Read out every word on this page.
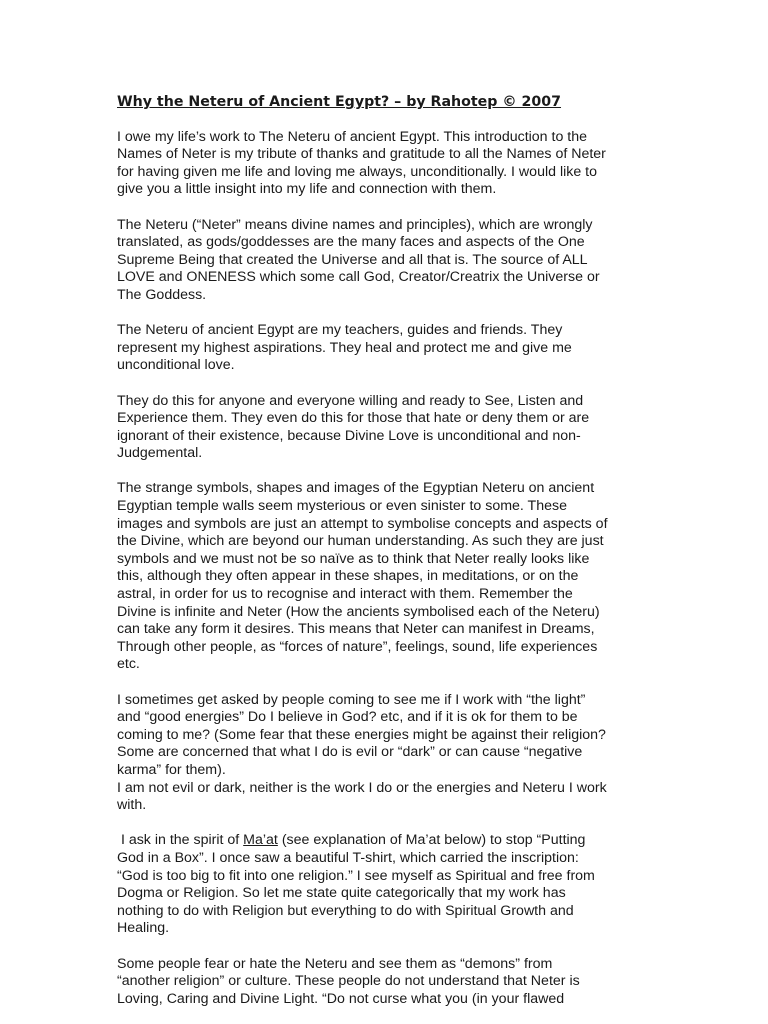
Why the Neteru of Ancient Egypt? – by Rahotep © 2007
I owe my life’s work to The Neteru of ancient Egypt. This introduction to the
Names of Neter is my tribute of thanks and gratitude to all the Names of Neter
for having given me life and loving me always, unconditionally. I would like to
give you a little insight into my life and connection with them.
The Neteru (“Neter” means divine names and principles), which are wrongly
translated, as gods/goddesses are the many faces and aspects of the One
Supreme Being that created the Universe and all that is. The source of ALL
LOVE and ONENESS which some call God, Creator/Creatrix the Universe or
The Goddess.
The Neteru of ancient Egypt are my teachers, guides and friends. They
represent my highest aspirations. They heal and protect me and give me
unconditional love.
They do this for anyone and everyone willing and ready to See, Listen and
Experience them. They even do this for those that hate or deny them or are
ignorant of their existence, because Divine Love is unconditional and non-
Judgemental.
The strange symbols, shapes and images of the Egyptian Neteru on ancient
Egyptian temple walls seem mysterious or even sinister to some. These
images and symbols are just an attempt to symbolise concepts and aspects of
the Divine, which are beyond our human understanding. As such they are just
symbols and we must not be so naïve as to think that Neter really looks like
this, although they often appear in these shapes, in meditations, or on the
astral, in order for us to recognise and interact with them. Remember the
Divine is infinite and Neter (How the ancients symbolised each of the Neteru)
can take any form it desires. This means that Neter can manifest in Dreams,
Through other people, as “forces of nature”, feelings, sound, life experiences
etc.
I sometimes get asked by people coming to see me if I work with “the light”
and “good energies” Do I believe in God? etc, and if it is ok for them to be
coming to me? (Some fear that these energies might be against their religion?
Some are concerned that what I do is evil or “dark” or can cause “negative
karma” for them).
I am not evil or dark, neither is the work I do or the energies and Neteru I work
with.
I ask in the spirit of Ma’at (see explanation of Ma’at below) to stop “Putting
God in a Box”. I once saw a beautiful T-shirt, which carried the inscription:
“God is too big to fit into one religion.” I see myself as Spiritual and free from
Dogma or Religion. So let me state quite categorically that my work has
nothing to do with Religion but everything to do with Spiritual Growth and
Healing.
Some people fear or hate the Neteru and see them as “demons” from
“another religion” or culture. These people do not understand that Neter is
Loving, Caring and Divine Light. “Do not curse what you (in your flawed
